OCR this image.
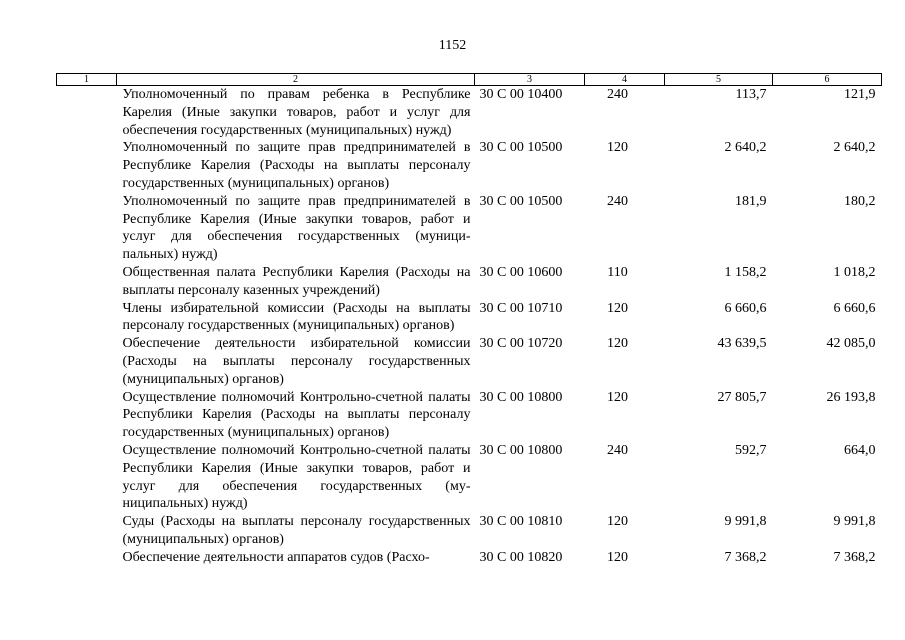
1152
1	2	3	4	5	6
	Уполномоченный по правам ребенка в Республике Карелия (Иные закупки товаров, работ и услуг для обеспечения государственных (муниципальных) нужд)	30 С 00 10400	240	113,7	121,9
	Уполномоченный по защите прав предпринимателей в Республике Карелия (Расходы на выплаты персоналу государственных (муниципальных) органов)	30 С 00 10500	120	2 640,2	2 640,2
	Уполномоченный по защите прав предпринимателей в Республике Карелия (Иные закупки товаров, работ и услуг для обеспечения государственных (муниципальных) нужд)	30 С 00 10500	240	181,9	180,2
	Общественная палата Республики Карелия (Расходы на выплаты персоналу казенных учреждений)	30 С 00 10600	110	1 158,2	1 018,2
	Члены избирательной комиссии (Расходы на выплаты персоналу государственных (муниципальных) органов)	30 С 00 10710	120	6 660,6	6 660,6
	Обеспечение деятельности избирательной комиссии (Расходы на выплаты персоналу государственных (муниципальных) органов)	30 С 00 10720	120	43 639,5	42 085,0
	Осуществление полномочий Контрольно-счетной палаты Республики Карелия (Расходы на выплаты персоналу государственных (муниципальных) органов)	30 С 00 10800	120	27 805,7	26 193,8
	Осуществление полномочий Контрольно-счетной палаты Республики Карелия (Иные закупки товаров, работ и услуг для обеспечения государственных (муниципальных) нужд)	30 С 00 10800	240	592,7	664,0
	Суды (Расходы на выплаты персоналу государственных (муниципальных) органов)	30 С 00 10810	120	9 991,8	9 991,8
	Обеспечение деятельности аппаратов судов (Расхо-	30 С 00 10820	120	7 368,2	7 368,2
